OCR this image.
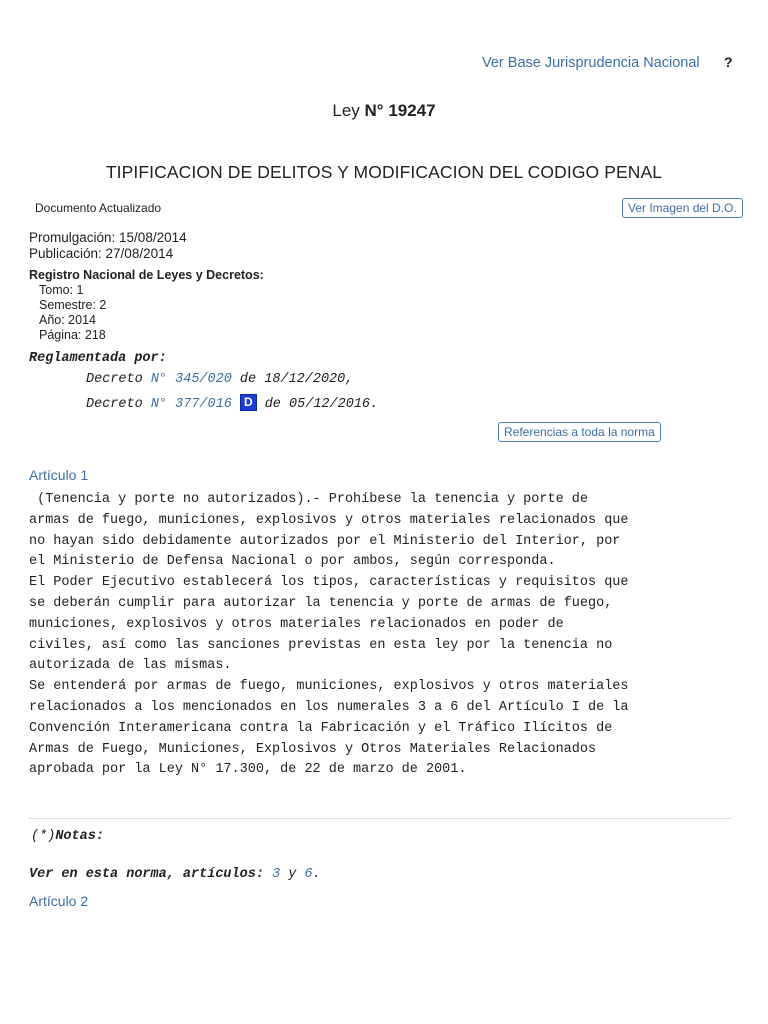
Ver Base Jurisprudencia Nacional ?
Ley N° 19247
TIPIFICACION DE DELITOS Y MODIFICACION DEL CODIGO PENAL
Documento Actualizado	Ver Imagen del D.O.
Promulgación: 15/08/2014
Publicación: 27/08/2014
Registro Nacional de Leyes y Decretos:
Tomo: 1
Semestre: 2
Año: 2014
Página: 218
Reglamentada por:
Decreto N° 345/020 de 18/12/2020,
Decreto N° 377/016 D de 05/12/2016.
Referencias a toda la norma
Artículo 1
(Tenencia y porte no autorizados).- Prohíbese la tenencia y porte de
armas de fuego, municiones, explosivos y otros materiales relacionados que
no hayan sido debidamente autorizados por el Ministerio del Interior, por
el Ministerio de Defensa Nacional o por ambos, según corresponda.
El Poder Ejecutivo establecerá los tipos, características y requisitos que
se deberán cumplir para autorizar la tenencia y porte de armas de fuego,
municiones, explosivos y otros materiales relacionados en poder de
civiles, así como las sanciones previstas en esta ley por la tenencia no
autorizada de las mismas.
Se entenderá por armas de fuego, municiones, explosivos y otros materiales
relacionados a los mencionados en los numerales 3 a 6 del Artículo I de la
Convención Interamericana contra la Fabricación y el Tráfico Ilícitos de
Armas de Fuego, Municiones, Explosivos y Otros Materiales Relacionados
aprobada por la Ley N° 17.300, de 22 de marzo de 2001.
(*)Notas:
Ver en esta norma, artículos: 3 y 6.
Artículo 2
